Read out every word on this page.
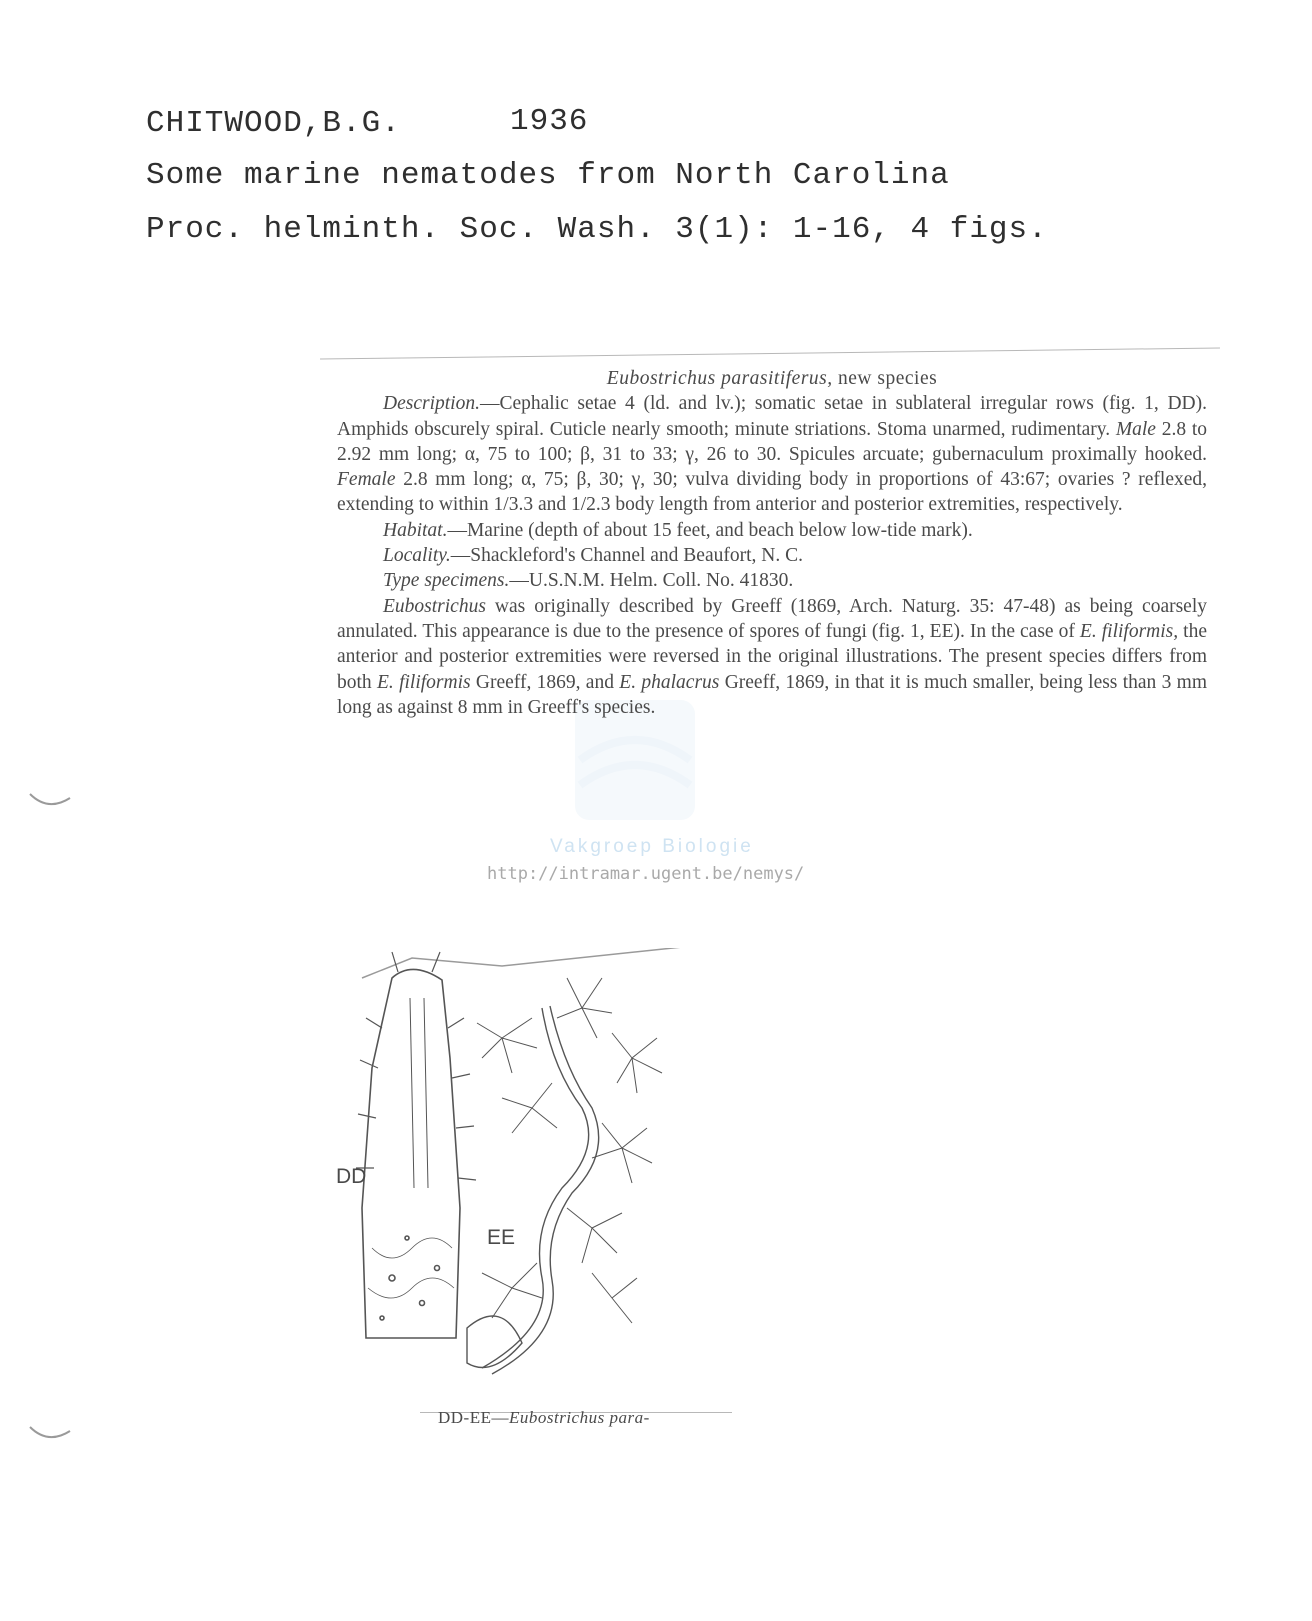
CHITWOOD,B.G.	1936
Some marine nematodes from North Carolina
Proc. helminth. Soc. Wash. 3(1): 1-16, 4 figs.

Eubostrichus parasitiferus, new species

Description.—Cephalic setae 4 (ld. and lv.); somatic setae in sublateral irregular rows (fig. 1, DD). Amphids obscurely spiral. Cuticle nearly smooth; minute striations. Stoma unarmed, rudimentary. Male 2.8 to 2.92 mm long; α, 75 to 100; β, 31 to 33; γ, 26 to 30. Spicules arcuate; gubernaculum proximally hooked. Female 2.8 mm long; α, 75; β, 30; γ, 30; vulva dividing body in proportions of 43:67; ovaries ? reflexed, extending to within 1/3.3 and 1/2.3 body length from anterior and posterior extremities, respectively.

Habitat.—Marine (depth of about 15 feet, and beach below low-tide mark).

Locality.—Shackleford's Channel and Beaufort, N. C.

Type specimens.—U.S.N.M. Helm. Coll. No. 41830.

Eubostrichus was originally described by Greeff (1869, Arch. Naturg. 35: 47-48) as being coarsely annulated. This appearance is due to the presence of spores of fungi (fig. 1, EE). In the case of E. filiformis, the anterior and posterior extremities were reversed in the original illustrations. The present species differs from both E. filiformis Greeff, 1869, and E. phalacrus Greeff, 1869, in that it is much smaller, being less than 3 mm long as against 8 mm in Greeff's species.

Vakgroep Biologie
http://intramar.ugent.be/nemys/
DD
EE
DD-EE—Eubostrichus para-
